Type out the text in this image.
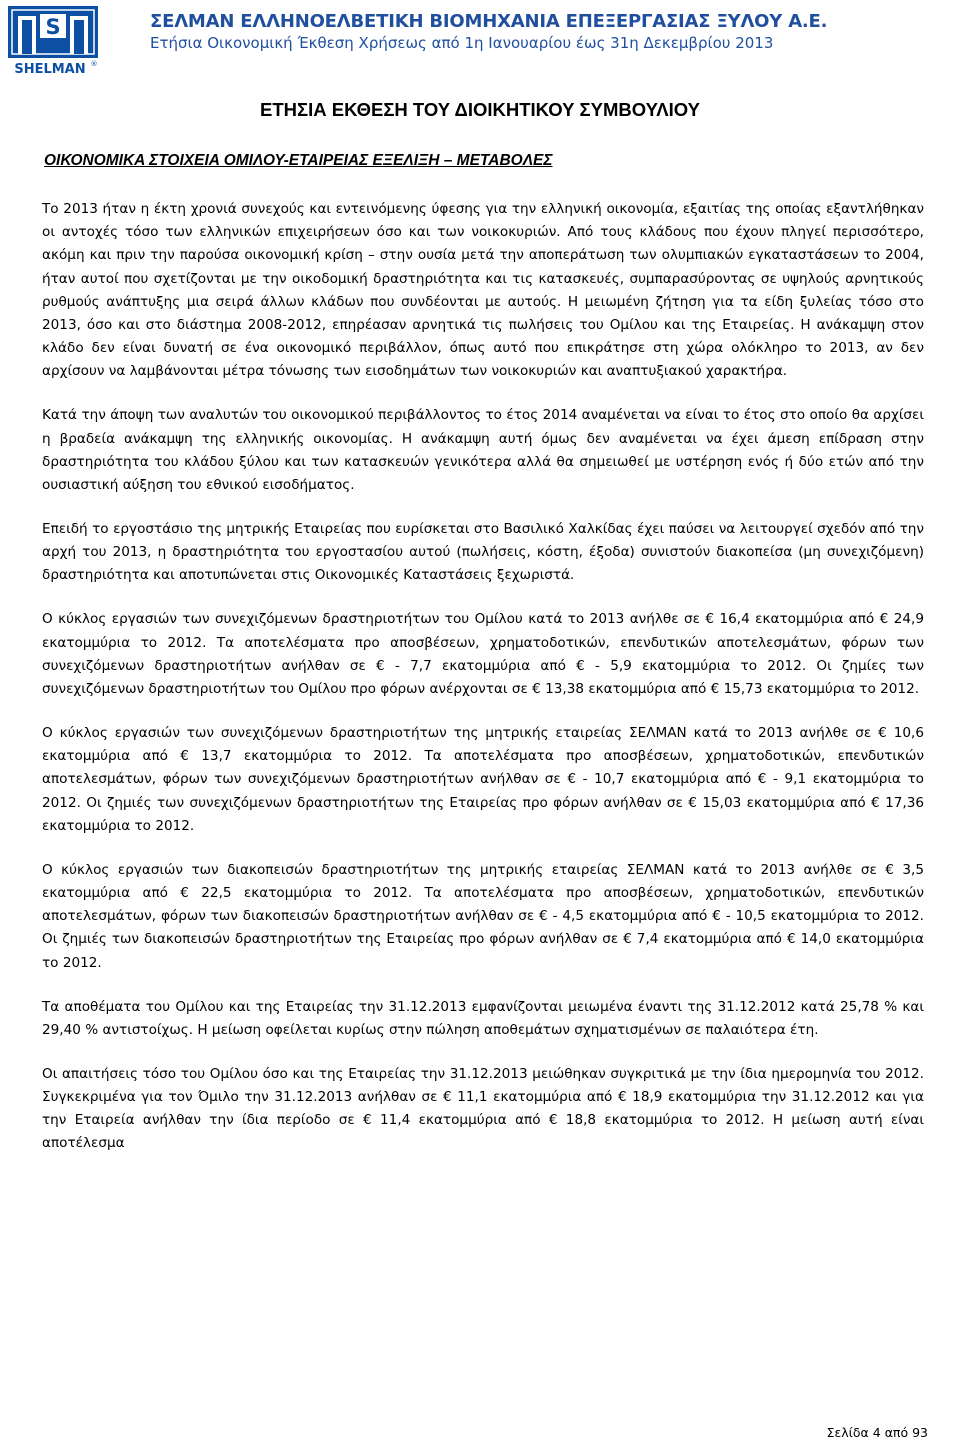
S
SHELMAN ®
ΣΕΛΜΑΝ ΕΛΛΗΝΟΕΛΒΕΤΙΚΗ ΒΙΟΜΗΧΑΝΙΑ ΕΠΕΞΕΡΓΑΣΙΑΣ ΞΥΛΟΥ Α.Ε.
Ετήσια Οικονομική Έκθεση Χρήσεως από 1η Ιανουαρίου έως 31η Δεκεμβρίου 2013
ΕΤΗΣΙΑ ΕΚΘΕΣΗ ΤΟΥ ΔΙΟΙΚΗΤΙΚΟΥ ΣΥΜΒΟΥΛΙΟΥ
ΟΙΚΟΝΟΜΙΚΑ ΣΤΟΙΧΕΙΑ ΟΜΙΛΟΥ-ΕΤΑΙΡΕΙΑΣ ΕΞΕΛΙΞΗ – ΜΕΤΑΒΟΛΕΣ

Το 2013 ήταν η έκτη χρονιά συνεχούς και εντεινόμενης ύφεσης για την ελληνική οικονομία, εξαιτίας της οποίας εξαντλήθηκαν οι αντοχές τόσο των ελληνικών επιχειρήσεων όσο και των νοικοκυριών. Από τους κλάδους που έχουν πληγεί περισσότερο, ακόμη και πριν την παρούσα οικονομική κρίση – στην ουσία μετά την αποπεράτωση των ολυμπιακών εγκαταστάσεων το 2004, ήταν αυτοί που σχετίζονται με την οικοδομική δραστηριότητα και τις κατασκευές, συμπαρασύροντας σε υψηλούς αρνητικούς ρυθμούς ανάπτυξης μια σειρά άλλων κλάδων που συνδέονται με αυτούς. Η μειωμένη ζήτηση για τα είδη ξυλείας τόσο στο 2013, όσο και στο διάστημα 2008-2012, επηρέασαν αρνητικά τις πωλήσεις του Ομίλου και της Εταιρείας. Η ανάκαμψη στον κλάδο δεν είναι δυνατή σε ένα οικονομικό περιβάλλον, όπως αυτό που επικράτησε στη χώρα ολόκληρο το 2013, αν δεν αρχίσουν να λαμβάνονται μέτρα τόνωσης των εισοδημάτων των νοικοκυριών και αναπτυξιακού χαρακτήρα.

Κατά την άποψη των αναλυτών του οικονομικού περιβάλλοντος το έτος 2014 αναμένεται να είναι το έτος στο οποίο θα αρχίσει η βραδεία ανάκαμψη της ελληνικής οικονομίας. Η ανάκαμψη αυτή όμως δεν αναμένεται να έχει άμεση επίδραση στην δραστηριότητα του κλάδου ξύλου και των κατασκευών γενικότερα αλλά θα σημειωθεί με υστέρηση ενός ή δύο ετών από την ουσιαστική αύξηση του εθνικού εισοδήματος.

Επειδή το εργοστάσιο της μητρικής Εταιρείας που ευρίσκεται στο Βασιλικό Χαλκίδας έχει παύσει να λειτουργεί σχεδόν από την αρχή του 2013, η δραστηριότητα του εργοστασίου αυτού (πωλήσεις, κόστη, έξοδα) συνιστούν διακοπείσα (μη συνεχιζόμενη) δραστηριότητα και αποτυπώνεται στις Οικονομικές Καταστάσεις ξεχωριστά.

Ο κύκλος εργασιών των συνεχιζόμενων δραστηριοτήτων του Ομίλου κατά το 2013 ανήλθε σε € 16,4 εκατομμύρια από € 24,9 εκατομμύρια το 2012. Τα αποτελέσματα προ αποσβέσεων, χρηματοδοτικών, επενδυτικών αποτελεσμάτων, φόρων των συνεχιζόμενων δραστηριοτήτων ανήλθαν σε € - 7,7 εκατομμύρια από € - 5,9 εκατομμύρια το 2012. Οι ζημίες των συνεχιζόμενων δραστηριοτήτων του Ομίλου προ φόρων ανέρχονται σε € 13,38 εκατομμύρια από € 15,73 εκατομμύρια το 2012.

Ο κύκλος εργασιών των συνεχιζόμενων δραστηριοτήτων της μητρικής εταιρείας ΣΕΛΜΑΝ κατά το 2013 ανήλθε σε € 10,6 εκατομμύρια από € 13,7 εκατομμύρια το 2012. Τα αποτελέσματα προ αποσβέσεων, χρηματοδοτικών, επενδυτικών αποτελεσμάτων, φόρων των συνεχιζόμενων δραστηριοτήτων ανήλθαν σε € - 10,7 εκατομμύρια από € - 9,1 εκατομμύρια το 2012. Οι ζημιές των συνεχιζόμενων δραστηριοτήτων της Εταιρείας προ φόρων ανήλθαν σε € 15,03 εκατομμύρια από € 17,36 εκατομμύρια το 2012.

Ο κύκλος εργασιών των διακοπεισών δραστηριοτήτων της μητρικής εταιρείας ΣΕΛΜΑΝ κατά το 2013 ανήλθε σε € 3,5 εκατομμύρια από € 22,5 εκατομμύρια το 2012. Τα αποτελέσματα προ αποσβέσεων, χρηματοδοτικών, επενδυτικών αποτελεσμάτων, φόρων των διακοπεισών δραστηριοτήτων ανήλθαν σε € - 4,5 εκατομμύρια από € - 10,5 εκατομμύρια το 2012. Οι ζημιές των διακοπεισών δραστηριοτήτων της Εταιρείας προ φόρων ανήλθαν σε € 7,4 εκατομμύρια από € 14,0 εκατομμύρια το 2012.

Τα αποθέματα του Ομίλου και της Εταιρείας την 31.12.2013 εμφανίζονται μειωμένα έναντι της 31.12.2012 κατά 25,78 % και 29,40 % αντιστοίχως. Η μείωση οφείλεται κυρίως στην πώληση αποθεμάτων σχηματισμένων σε παλαιότερα έτη.

Οι απαιτήσεις τόσο του Ομίλου όσο και της Εταιρείας την 31.12.2013 μειώθηκαν συγκριτικά με την ίδια ημερομηνία του 2012. Συγκεκριμένα για τον Όμιλο την 31.12.2013 ανήλθαν σε € 11,1 εκατομμύρια από € 18,9 εκατομμύρια την 31.12.2012 και για την Εταιρεία ανήλθαν την ίδια περίοδο σε € 11,4 εκατομμύρια από € 18,8 εκατομμύρια το 2012. Η μείωση αυτή είναι αποτέλεσμα

Σελίδα 4 από 93
